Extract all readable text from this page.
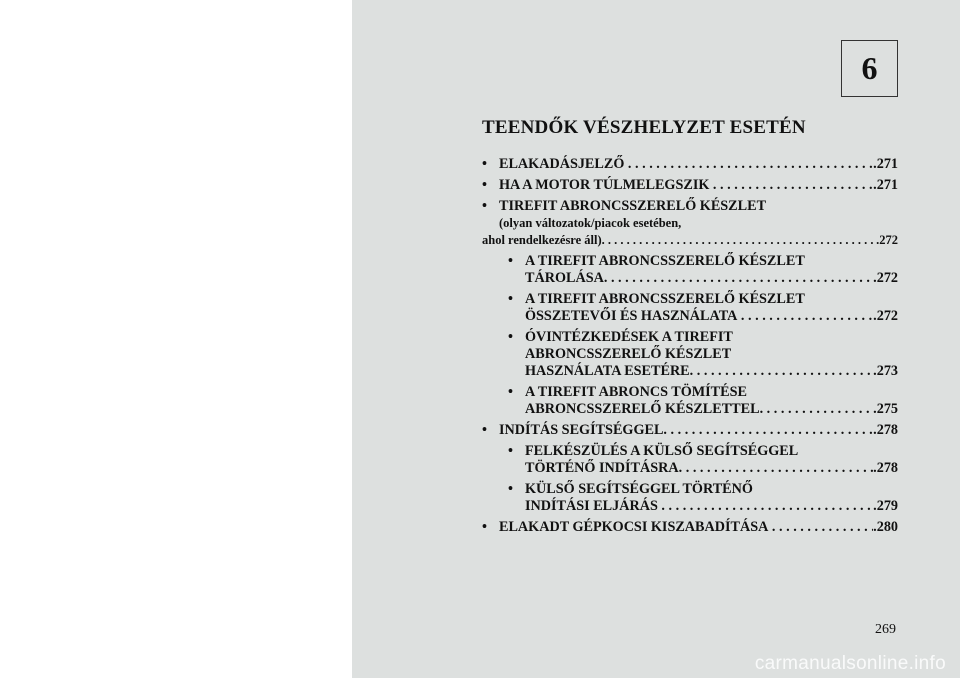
6
TEENDŐK VÉSZHELYZET ESETÉN
• ELAKADÁSJELZŐ
. . .	.271
• HA A MOTOR TÚLMELEGSZIK
. . .	.271
• TIREFIT ABRONCSSZERELŐ KÉSZLET
(olyan változatok/piacok esetében,
ahol rendelkezésre áll) . . .	.272
• A TIREFIT ABRONCSSZERELŐ KÉSZLET
TÁROLÁSA . . .	.272
• A TIREFIT ABRONCSSZERELŐ KÉSZLET
ÖSSZETEVŐI ÉS HASZNÁLATA
. . .	.272
• ÓVINTÉZKEDÉSEK A TIREFIT
ABRONCSSZERELŐ KÉSZLET
HASZNÁLATA ESETÉRE . . .	.273
• A TIREFIT ABRONCS TÖMÍTÉSE
ABRONCSSZERELŐ KÉSZLETTEL . . .	.275
• INDÍTÁS SEGÍTSÉGGEL . . .	.278
• FELKÉSZÜLÉS A KÜLSŐ SEGÍTSÉGGEL
TÖRTÉNŐ INDÍTÁSRA . . .	.278
• KÜLSŐ SEGÍTSÉGGEL TÖRTÉNŐ
INDÍTÁSI ELJÁRÁS
. . .	.279
• ELAKADT GÉPKOCSI KISZABADÍTÁSA
. . .	.280
269
carmanualsonline.info
